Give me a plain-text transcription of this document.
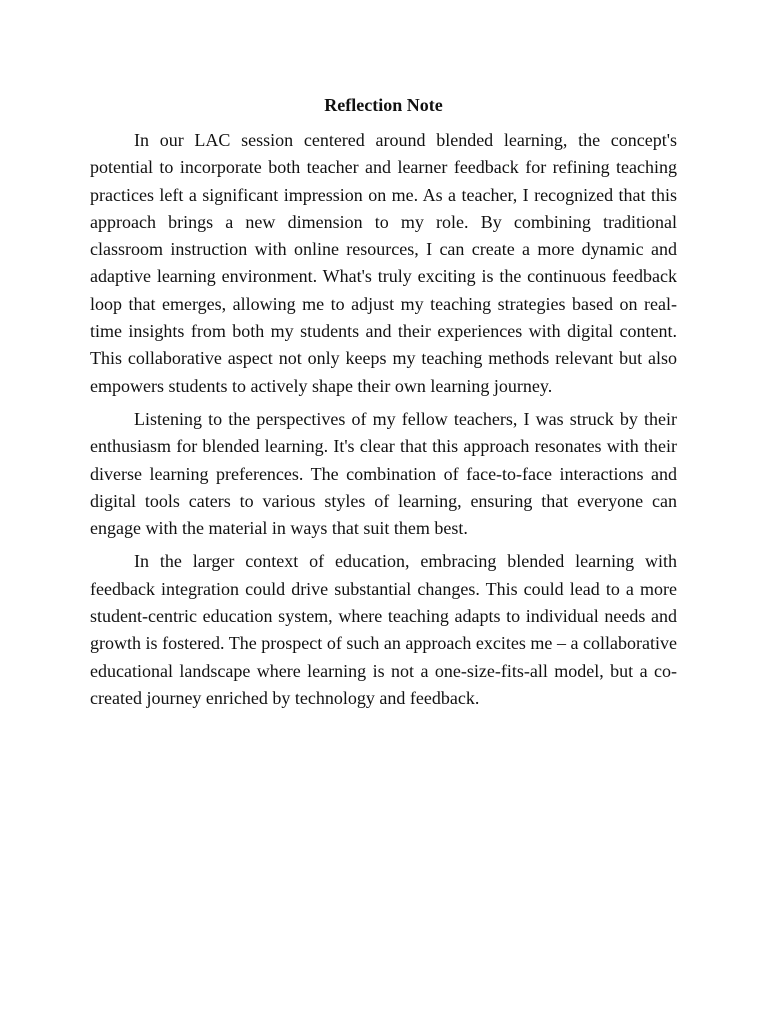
Reflection Note

In our LAC session centered around blended learning, the concept's potential to incorporate both teacher and learner feedback for refining teaching practices left a significant impression on me. As a teacher, I recognized that this approach brings a new dimension to my role. By combining traditional classroom instruction with online resources, I can create a more dynamic and adaptive learning environment. What's truly exciting is the continuous feedback loop that emerges, allowing me to adjust my teaching strategies based on real-time insights from both my students and their experiences with digital content. This collaborative aspect not only keeps my teaching methods relevant but also empowers students to actively shape their own learning journey.

Listening to the perspectives of my fellow teachers, I was struck by their enthusiasm for blended learning. It's clear that this approach resonates with their diverse learning preferences. The combination of face-to-face interactions and digital tools caters to various styles of learning, ensuring that everyone can engage with the material in ways that suit them best.

In the larger context of education, embracing blended learning with feedback integration could drive substantial changes. This could lead to a more student-centric education system, where teaching adapts to individual needs and growth is fostered. The prospect of such an approach excites me – a collaborative educational landscape where learning is not a one-size-fits-all model, but a co-created journey enriched by technology and feedback.
